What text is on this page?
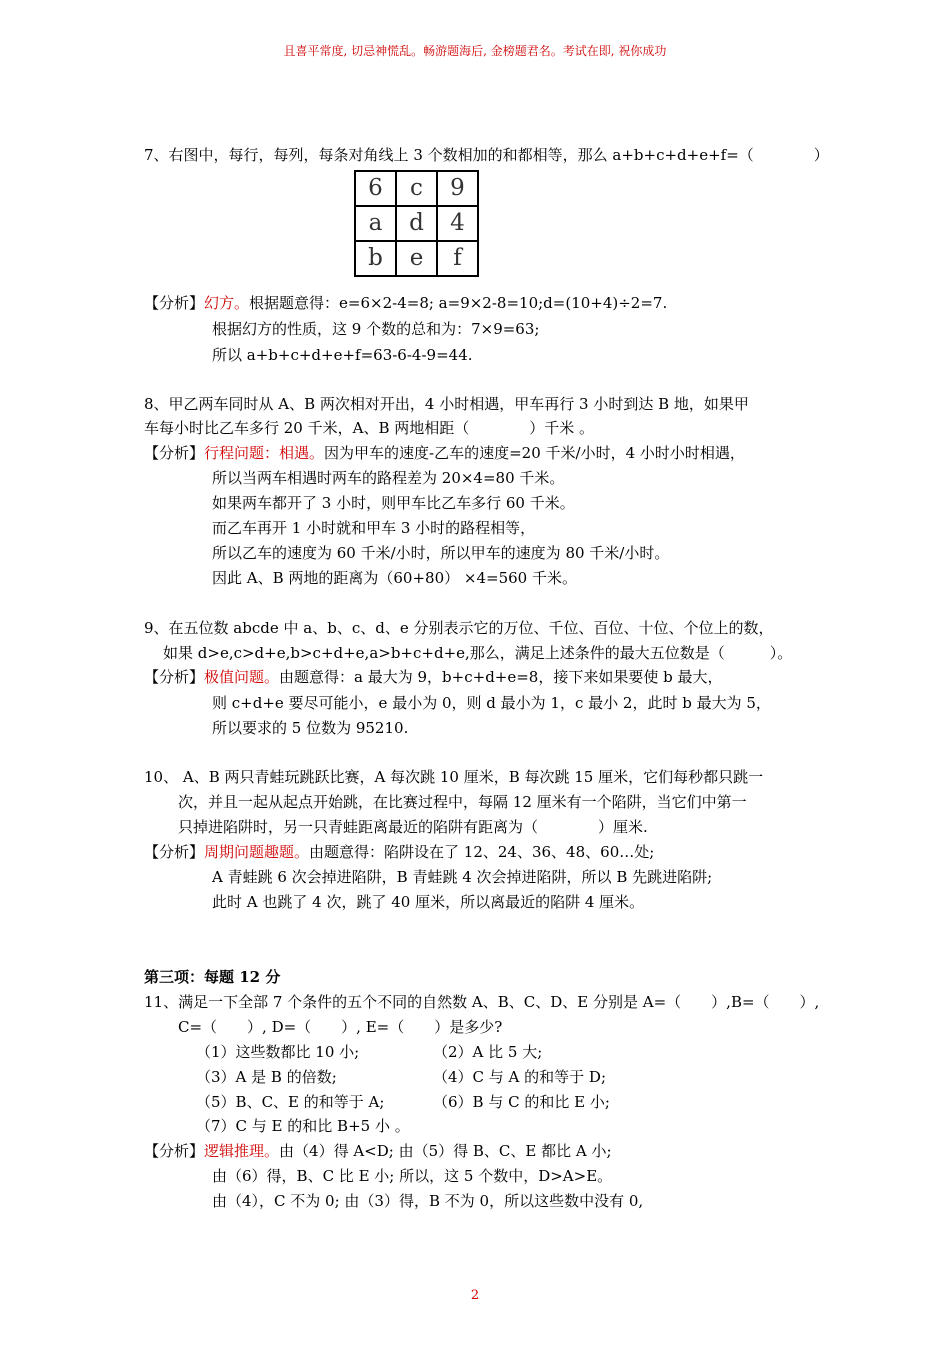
且喜平常度, 切忌神慌乱。畅游题海后, 金榜题君名。考试在即, 祝你成功
7、右图中，每行，每列，每条对角线上 3 个数相加的和都相等，那么 a+b+c+d+e+f=（　　　　）
6	c	9
a	d	4
b	e	f
【分析】幻方。根据题意得：e=6×2-4=8; a=9×2-8=10;d=(10+4)÷2=7.
根据幻方的性质，这 9 个数的总和为：7×9=63;
所以 a+b+c+d+e+f=63-6-4-9=44.
8、甲乙两车同时从 A、B 两次相对开出，4 小时相遇，甲车再行 3 小时到达 B 地，如果甲
车每小时比乙车多行 20 千米，A、B 两地相距（　　　　）千米 。
【分析】行程问题：相遇。因为甲车的速度-乙车的速度=20 千米/小时，4 小时小时相遇，
所以当两车相遇时两车的路程差为 20×4=80 千米。
如果两车都开了 3 小时，则甲车比乙车多行 60 千米。
而乙车再开 1 小时就和甲车 3 小时的路程相等，
所以乙车的速度为 60 千米/小时，所以甲车的速度为 80 千米/小时。
因此 A、B 两地的距离为（60+80） ×4=560 千米。
9、在五位数 abcde 中 a、b、c、d、e 分别表示它的万位、千位、百位、十位、个位上的数，
如果 d>e,c>d+e,b>c+d+e,a>b+c+d+e,那么，满足上述条件的最大五位数是（　　　）。
【分析】极值问题。由题意得：a 最大为 9，b+c+d+e=8，接下来如果要使 b 最大，
则 c+d+e 要尽可能小，e 最小为 0，则 d 最小为 1，c 最小 2，此时 b 最大为 5，
所以要求的 5 位数为 95210.
10、 A、B 两只青蛙玩跳跃比赛，A 每次跳 10 厘米，B 每次跳 15 厘米，它们每秒都只跳一
次，并且一起从起点开始跳，在比赛过程中，每隔 12 厘米有一个陷阱，当它们中第一
只掉进陷阱时，另一只青蛙距离最近的陷阱有距离为（　　　　）厘米.
【分析】周期问题趣题。由题意得：陷阱设在了 12、24、36、48、60…处;
A 青蛙跳 6 次会掉进陷阱，B 青蛙跳 4 次会掉进陷阱，所以 B 先跳进陷阱;
此时 A 也跳了 4 次，跳了 40 厘米，所以离最近的陷阱 4 厘米。
第三项：每题 12 分
11、满足一下全部 7 个条件的五个不同的自然数 A、B、C、D、E 分别是 A=（　　）,B=（　　）,
C=（　　）, D=（　　）, E=（　　）是多少?
（1）这些数都比 10 小;	（2）A 比 5 大;
（3）A 是 B 的倍数;	（4）C 与 A 的和等于 D;
（5）B、C、E 的和等于 A;	（6）B 与 C 的和比 E 小;
（7）C 与 E 的和比 B+5 小 。
【分析】逻辑推理。由（4）得 A<D; 由（5）得 B、C、E 都比 A 小;
由（6）得，B、C 比 E 小; 所以，这 5 个数中，D>A>E。
由（4），C 不为 0; 由（3）得，B 不为 0，所以这些数中没有 0,
2
